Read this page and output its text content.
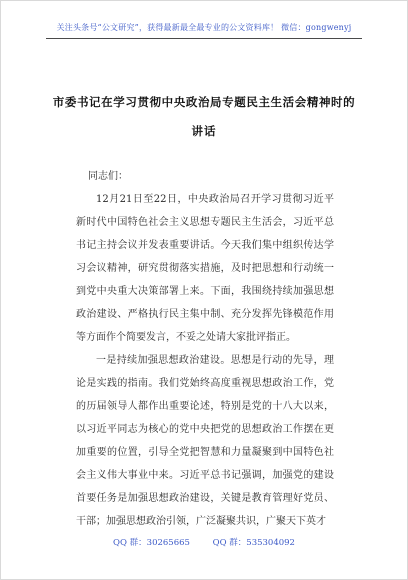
关注头条号“公文研究”，获得最新最全最专业的公文资料库！ 微信：gongwenyj
市委书记在学习贯彻中央政治局专题民主生活会精神时的
讲话

同志们：

12月21日至22日，中央政治局召开学习贯彻习近平新时代中国特色社会主义思想专题民主生活会，习近平总书记主持会议并发表重要讲话。今天我们集中组织传达学习会议精神，研究贯彻落实措施，及时把思想和行动统一到党中央重大决策部署上来。下面，我围绕持续加强思想政治建设、严格执行民主集中制、充分发挥先锋模范作用等方面作个简要发言，不妥之处请大家批评指正。

一是持续加强思想政治建设。思想是行动的先导，理论是实践的指南。我们党始终高度重视思想政治工作，党的历届领导人都作出重要论述，特别是党的十八大以来，以习近平同志为核心的党中央把党的思想政治工作摆在更加重要的位置，引导全党把智慧和力量凝聚到中国特色社会主义伟大事业中来。习近平总书记强调，加强党的建设首要任务是加强思想政治建设，关键是教育管理好党员、干部；加强思想政治引领，广泛凝聚共识，广聚天下英才

QQ 群：30265665	QQ 群：535304092
